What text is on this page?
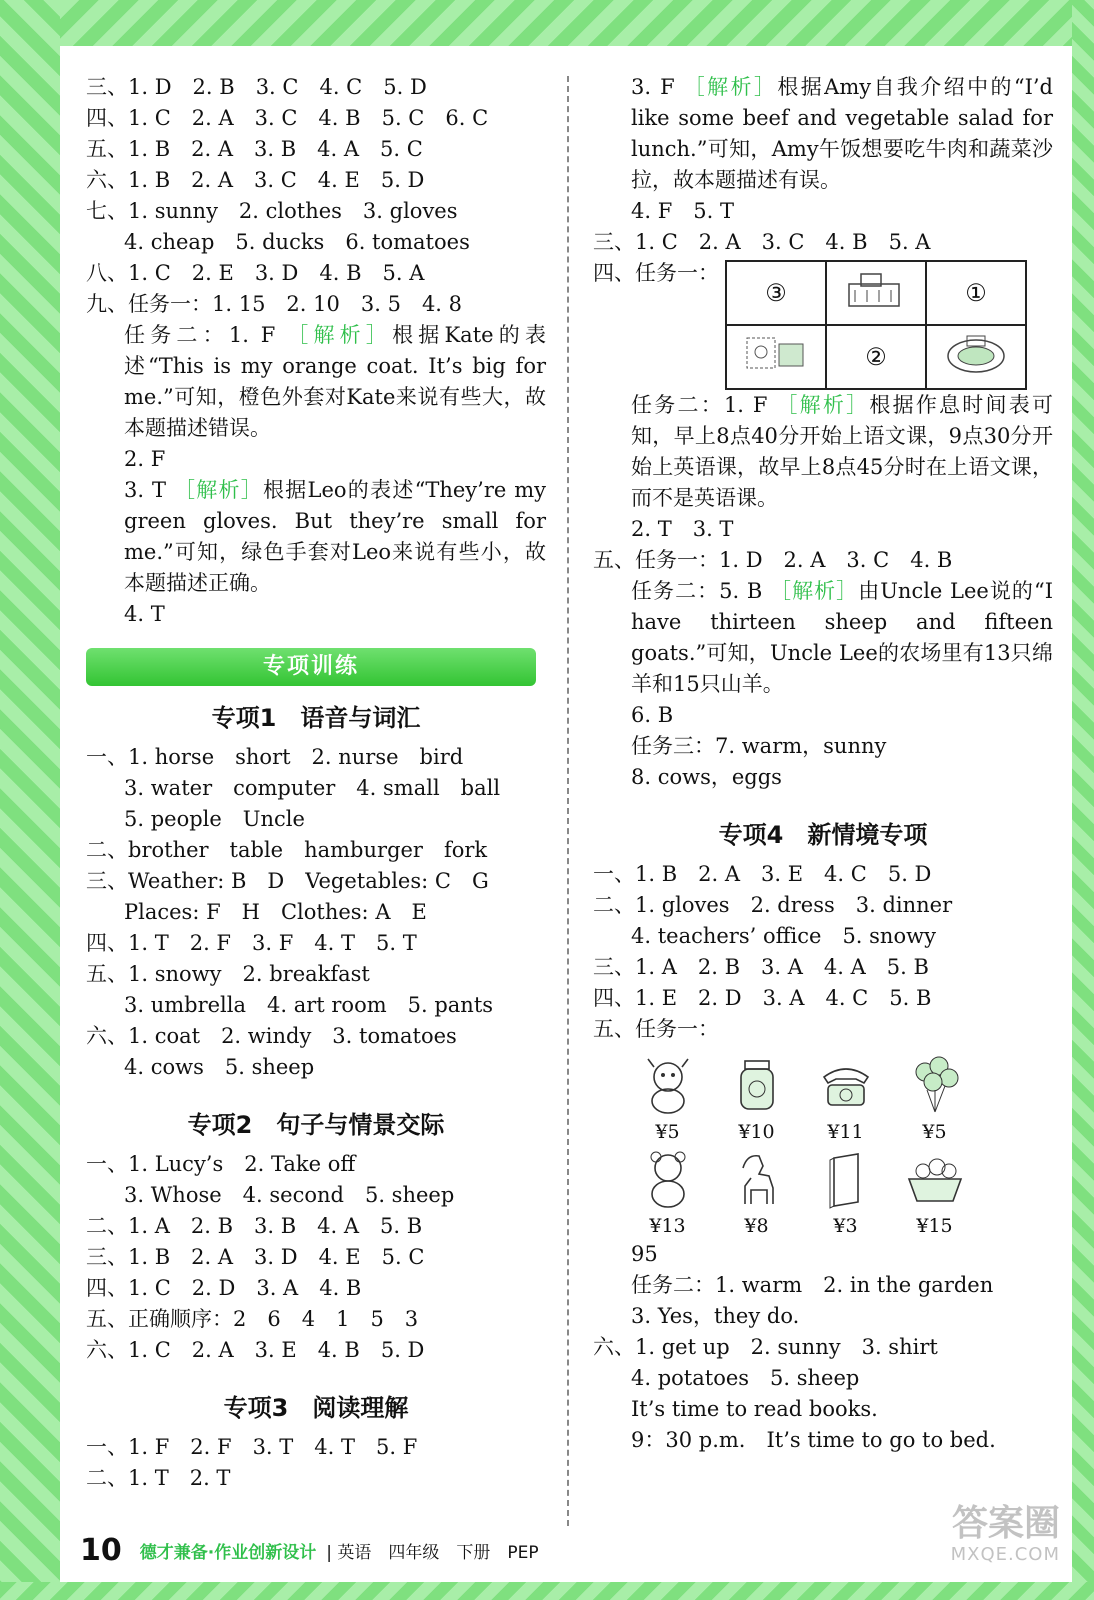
三、1. D　2. B　3. C　4. C　5. D
四、1. C　2. A　3. C　4. B　5. C　6. C
五、1. B　2. A　3. B　4. A　5. C
六、1. B　2. A　3. C　4. E　5. D
七、1. sunny　2. clothes　3. gloves
4. cheap　5. ducks　6. tomatoes
八、1. C　2. E　3. D　4. B　5. A
九、任务一：1. 15　2. 10　3. 5　4. 8
任务二：1. F ［解析］根据Kate的表述“This is my orange coat. It’s big for me.”可知，橙色外套对Kate来说有些大，故本题描述错误。
2. F
3. T ［解析］根据Leo的表述“They’re my green gloves. But they’re small for me.”可知，绿色手套对Leo来说有些小，故本题描述正确。
4. T
专项训练
专项1　语音与词汇
一、1. horse　short　2. nurse　bird
3. water　computer　4. small　ball
5. people　Uncle
二、brother　table　hamburger　fork
三、Weather: B　D　Vegetables: C　G
Places: F　H　Clothes: A　E
四、1. T　2. F　3. F　4. T　5. T
五、1. snowy　2. breakfast
3. umbrella　4. art room　5. pants
六、1. coat　2. windy　3. tomatoes
4. cows　5. sheep
专项2　句子与情景交际
一、1. Lucy’s　2. Take off
3. Whose　4. second　5. sheep
二、1. A　2. B　3. B　4. A　5. B
三、1. B　2. A　3. D　4. E　5. C
四、1. C　2. D　3. A　4. B
五、正确顺序：2　6　4　1　5　3
六、1. C　2. A　3. E　4. B　5. D
专项3　阅读理解
一、1. F　2. F　3. T　4. T　5. F
二、1. T　2. T
3. F ［解析］根据Amy自我介绍中的“I’d like some beef and vegetable salad for lunch.”可知，Amy午饭想要吃牛肉和蔬菜沙拉，故本题描述有误。
4. F　5. T
三、1. C　2. A　3. C　4. B　5. A
四、任务一：
③		①
	②	
任务二：1. F ［解析］根据作息时间表可知，早上8点40分开始上语文课，9点30分开始上英语课，故早上8点45分时在上语文课，而不是英语课。
2. T　3. T
五、任务一：1. D　2. A　3. C　4. B
任务二：5. B ［解析］由Uncle Lee说的“I have thirteen sheep and fifteen goats.”可知，Uncle Lee的农场里有13只绵羊和15只山羊。
6. B
任务三：7. warm，sunny
8. cows，eggs
专项4　新情境专项
一、1. B　2. A　3. E　4. C　5. D
二、1. gloves　2. dress　3. dinner
4. teachers’ office　5. snowy
三、1. A　2. B　3. A　4. A　5. B
四、1. E　2. D　3. A　4. C　5. B
五、任务一：
¥5	¥10	¥11	¥5
¥13	¥8	¥3	¥15
95
任务二：1. warm　2. in the garden
3. Yes，they do.
六、1. get up　2. sunny　3. shirt
4. potatoes　5. sheep
It’s time to read books.
9：30 p.m.　It’s time to go to bed.
10 德才兼备·作业创新设计 | 英语　四年级　下册　PEP
答案圈
MXQE.COM
